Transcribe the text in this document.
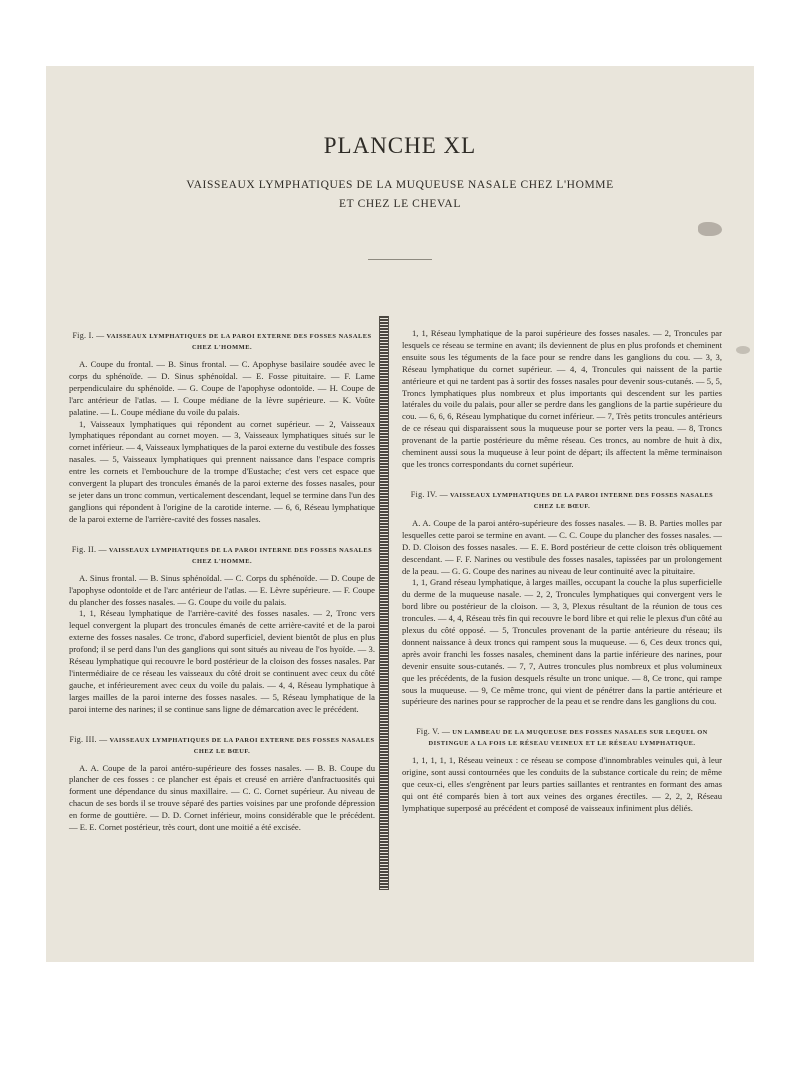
PLANCHE XL
VAISSEAUX LYMPHATIQUES DE LA MUQUEUSE NASALE CHEZ L'HOMME
ET CHEZ LE CHEVAL
Fig. I. — VAISSEAUX LYMPHATIQUES DE LA PAROI EXTERNE DES FOSSES NASALES CHEZ L'HOMME.

A. Coupe du frontal. — B. Sinus frontal. — C. Apophyse basilaire soudée avec le corps du sphénoïde. — D. Sinus sphénoïdal. — E. Fosse pituitaire. — F. Lame perpendiculaire du sphénoïde. — G. Coupe de l'apophyse odontoïde. — H. Coupe de l'arc antérieur de l'atlas. — I. Coupe médiane de la lèvre supérieure. — K. Voûte palatine. — L. Coupe médiane du voile du palais.

1, Vaisseaux lymphatiques qui répondent au cornet supérieur. — 2, Vaisseaux lymphatiques répondant au cornet moyen. — 3, Vaisseaux lymphatiques situés sur le cornet inférieur. — 4, Vaisseaux lymphatiques de la paroi externe du vestibule des fosses nasales. — 5, Vaisseaux lymphatiques qui prennent naissance dans l'espace compris entre les cornets et l'embouchure de la trompe d'Eustache; c'est vers cet espace que convergent la plupart des troncules émanés de la paroi externe des fosses nasales, pour se jeter dans un tronc commun, verticalement descendant, lequel se termine dans l'un des ganglions qui répondent à l'origine de la carotide interne. — 6, 6, Réseau lymphatique de la paroi externe de l'arrière-cavité des fosses nasales.

Fig. II. — VAISSEAUX LYMPHATIQUES DE LA PAROI INTERNE DES FOSSES NASALES CHEZ L'HOMME.

A. Sinus frontal. — B. Sinus sphénoïdal. — C. Corps du sphénoïde. — D. Coupe de l'apophyse odontoïde et de l'arc antérieur de l'atlas. — E. Lèvre supérieure. — F. Coupe du plancher des fosses nasales. — G. Coupe du voile du palais.

1, 1, Réseau lymphatique de l'arrière-cavité des fosses nasales. — 2, Tronc vers lequel convergent la plupart des troncules émanés de cette arrière-cavité et de la paroi externe des fosses nasales. Ce tronc, d'abord superficiel, devient bientôt de plus en plus profond; il se perd dans l'un des ganglions qui sont situés au niveau de l'os hyoïde. — 3. Réseau lymphatique qui recouvre le bord postérieur de la cloison des fosses nasales. Par l'intermédiaire de ce réseau les vaisseaux du côté droit se continuent avec ceux du côté gauche, et inférieurement avec ceux du voile du palais. — 4, 4, Réseau lymphatique à larges mailles de la paroi interne des fosses nasales. — 5, Réseau lymphatique de la paroi interne des narines; il se continue sans ligne de démarcation avec le précédent.

Fig. III. — VAISSEAUX LYMPHATIQUES DE LA PAROI EXTERNE DES FOSSES NASALES CHEZ LE BŒUF.

A. A. Coupe de la paroi antéro-supérieure des fosses nasales. — B. B. Coupe du plancher de ces fosses : ce plancher est épais et creusé en arrière d'anfractuosités qui forment une dépendance du sinus maxillaire. — C. C. Cornet supérieur. Au niveau de chacun de ses bords il se trouve séparé des parties voisines par une profonde dépression en forme de gouttière. — D. D. Cornet inférieur, moins considérable que le précédent. — E. E. Cornet postérieur, très court, dont une moitié a été excisée.

1, 1, Réseau lymphatique de la paroi supérieure des fosses nasales. — 2, Troncules par lesquels ce réseau se termine en avant; ils deviennent de plus en plus profonds et cheminent ensuite sous les téguments de la face pour se rendre dans les ganglions du cou. — 3, 3, Réseau lymphatique du cornet supérieur. — 4, 4, Troncules qui naissent de la partie antérieure et qui ne tardent pas à sortir des fosses nasales pour devenir sous-cutanés. — 5, 5, Troncs lymphatiques plus nombreux et plus importants qui descendent sur les parties latérales du voile du palais, pour aller se perdre dans les ganglions de la partie supérieure du cou. — 6, 6, 6, Réseau lymphatique du cornet inférieur. — 7, Très petits troncules antérieurs de ce réseau qui disparaissent sous la muqueuse pour se porter vers la peau. — 8, Troncs provenant de la partie postérieure du même réseau. Ces troncs, au nombre de huit à dix, cheminent aussi sous la muqueuse à leur point de départ; ils affectent la même terminaison que les troncs correspondants du cornet supérieur.

Fig. IV. — VAISSEAUX LYMPHATIQUES DE LA PAROI INTERNE DES FOSSES NASALES CHEZ LE BŒUF.

A. A. Coupe de la paroi antéro-supérieure des fosses nasales. — B. B. Parties molles par lesquelles cette paroi se termine en avant. — C. C. Coupe du plancher des fosses nasales. — D. D. Cloison des fosses nasales. — E. E. Bord postérieur de cette cloison très obliquement descendant. — F. F. Narines ou vestibule des fosses nasales, tapissées par un prolongement de la peau. — G. G. Coupe des narines au niveau de leur continuité avec la pituitaire.

1, 1, Grand réseau lymphatique, à larges mailles, occupant la couche la plus superficielle du derme de la muqueuse nasale. — 2, 2, Troncules lymphatiques qui convergent vers le bord libre ou postérieur de la cloison. — 3, 3, Plexus résultant de la réunion de tous ces troncules. — 4, 4, Réseau très fin qui recouvre le bord libre et qui relie le plexus d'un côté au plexus du côté opposé. — 5, Troncules provenant de la partie antérieure du réseau; ils donnent naissance à deux troncs qui rampent sous la muqueuse. — 6, Ces deux troncs qui, après avoir franchi les fosses nasales, cheminent dans la partie inférieure des narines, pour devenir ensuite sous-cutanés. — 7, 7, Autres troncules plus nombreux et plus volumineux que les précédents, de la fusion desquels résulte un tronc unique. — 8, Ce tronc, qui rampe sous la muqueuse. — 9, Ce même tronc, qui vient de pénétrer dans la partie antérieure et supérieure des narines pour se rapprocher de la peau et se rendre dans les ganglions du cou.

Fig. V. — UN LAMBEAU DE LA MUQUEUSE DES FOSSES NASALES SUR LEQUEL ON DISTINGUE A LA FOIS LE RÉSEAU VEINEUX ET LE RÉSEAU LYMPHATIQUE.

1, 1, 1, 1, 1, Réseau veineux : ce réseau se compose d'innombrables veinules qui, à leur origine, sont aussi contournées que les conduits de la substance corticale du rein; de même que ceux-ci, elles s'engrènent par leurs parties saillantes et rentrantes en formant des amas qui ont été comparés bien à tort aux veines des organes érectiles. — 2, 2, 2, Réseau lymphatique superposé au précédent et composé de vaisseaux infiniment plus déliés.
